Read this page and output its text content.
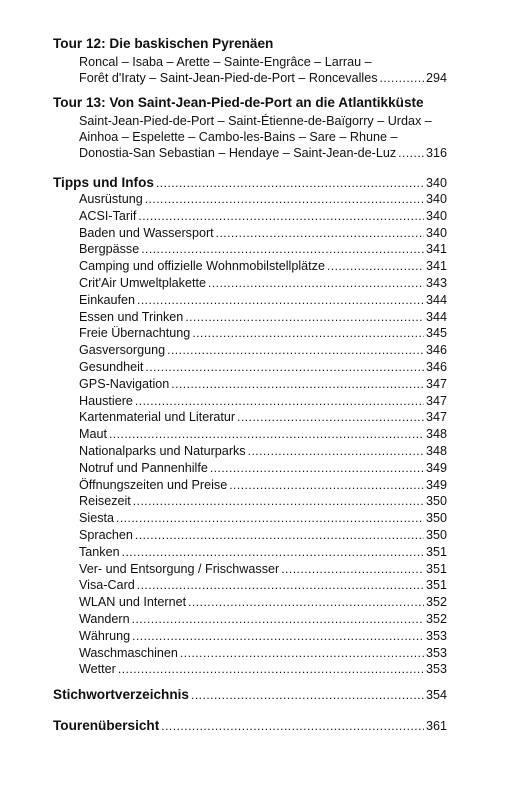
Tour 12: Die baskischen Pyrenäen
Roncal – Isaba – Arette – Sainte-Engrâce – Larrau –
Forêt d'Iraty – Saint-Jean-Pied-de-Port – Roncevalles .....	294
Tour 13: Von Saint-Jean-Pied-de-Port an die Atlantikküste
Saint-Jean-Pied-de-Port – Saint-Étienne-de-Baïgorry – Urdax –
Ainhoa – Espelette – Cambo-les-Bains – Sare – Rhune –
Donostia-San Sebastian – Hendaye – Saint-Jean-de-Luz ..... 316
Tipps und Infos .....	340
Ausrüstung .....	340
ACSI-Tarif .....	340
Baden und Wassersport .....	340
Bergpässe .....	341
Camping und offizielle Wohnmobilstellplätze .....	341
Crit'Air Umweltplakette .....	343
Einkaufen .....	344
Essen und Trinken .....	344
Freie Übernachtung .....	345
Gasversorgung .....	346
Gesundheit .....	346
GPS-Navigation .....	347
Haustiere .....	347
Kartenmaterial und Literatur .....	347
Maut .....	348
Nationalparks und Naturparks .....	348
Notruf und Pannenhilfe .....	349
Öffnungszeiten und Preise .....	349
Reisezeit .....	350
Siesta .....	350
Sprachen .....	350
Tanken .....	351
Ver- und Entsorgung / Frischwasser .....	351
Visa-Card .....	351
WLAN und Internet .....	352
Wandern .....	352
Währung .....	353
Waschmaschinen .....	353
Wetter .....	353
Stichwortverzeichnis .....	354
Tourenübersicht .....	361
